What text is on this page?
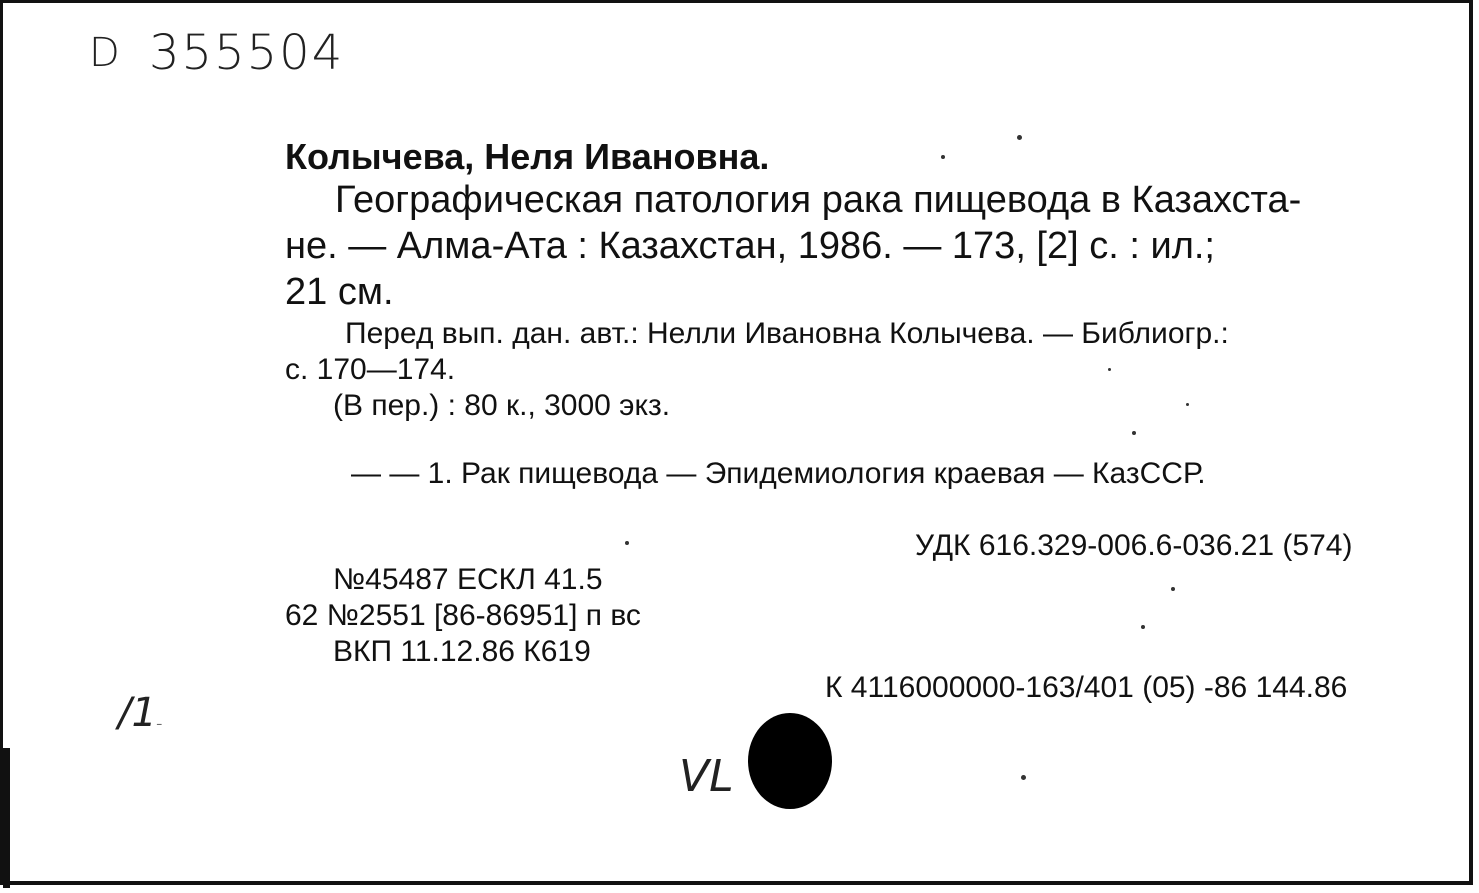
D 355504
Колычева, Неля Ивановна.
Географическая патология рака пищевода в Казахста-
не. — Алма-Ата : Казахстан, 1986. — 173, [2] с. : ил.;
21 см.
Перед вып. дан. авт.: Нелли Ивановна Колычева. — Библиогр.:
с. 170—174.
(В пер.) : 80 к., 3000 экз.
— — 1. Рак пищевода — Эпидемиология краевая — КазССР.
УДК 616.329-006.6-036.21 (574)
№45487 ЕСКЛ 41.5
62 №2551 [86-86951] п вс
ВКП 11.12.86 К619
К 4116000000-163/401 (05) -86 144.86
/1 -
VL
